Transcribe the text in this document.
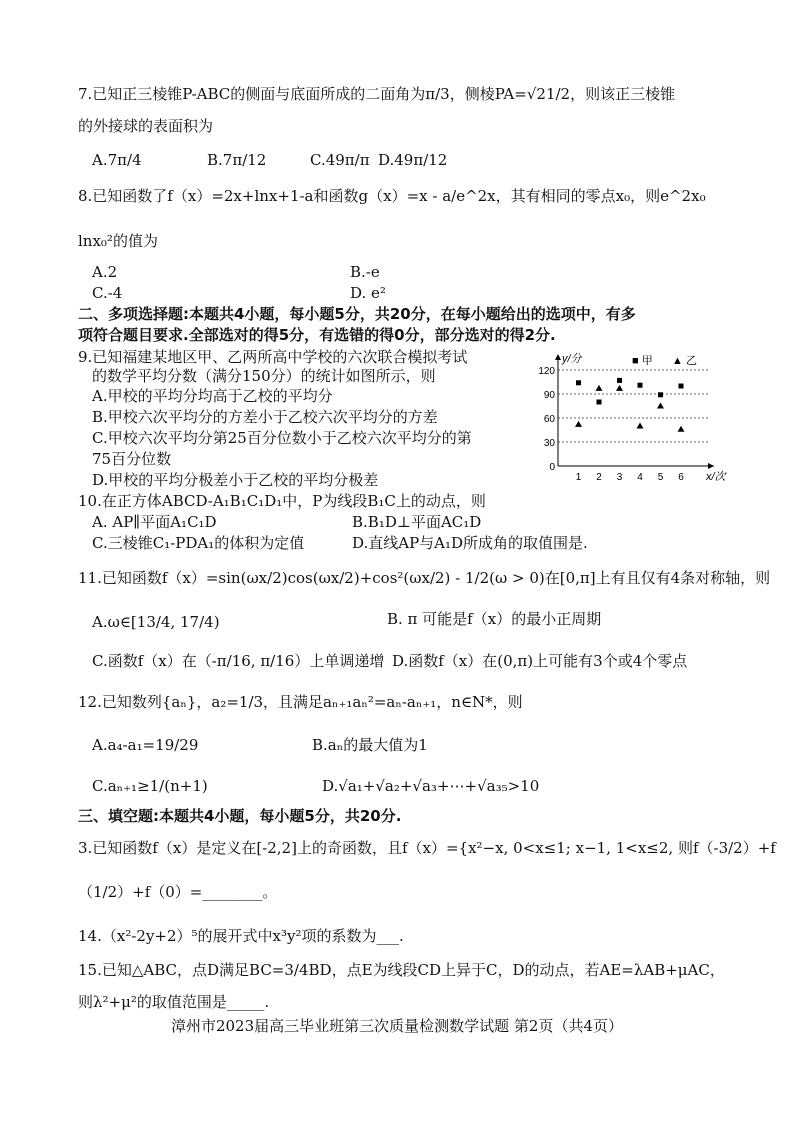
7.已知正三棱锥P-ABC的侧面与底面所成的二面角为π/3，侧棱PA=√21/2，则该正三棱锥
的外接球的表面积为
A.7π/4	B.7π/12	C.49π/π D.49π/12
8.已知函数了f（x）=2x+lnx+1-a和函数g（x）=x - a/e^2x，其有相同的零点x₀，则e^2x₀
lnx₀²的值为
A.2	B.-e
C.-4	D. e²
二、多项选择题:本题共4小题，每小题5分，共20分，在每小题给出的选项中，有多
项符合题目要求.全部选对的得5分，有选错的得0分，部分选对的得2分.
9.已知福建某地区甲、乙两所高中学校的六次联合模拟考试
的数学平均分数（满分150分）的统计如图所示，则
A.甲校的平均分均高于乙校的平均分
B.甲校六次平均分的方差小于乙校六次平均分的方差
C.甲校六次平均分第25百分位数小于乙校六次平均分的第
75百分位数
D.甲校的平均分极差小于乙校的平均分极差
0
30
60
90
120
1 2 3 4 5 6
y/分
x/次
■ 甲 ▲ 乙
10.在正方体ABCD-A₁B₁C₁D₁中，P为线段B₁C上的动点，则
A. AP∥平面A₁C₁D	B.B₁D⊥平面AC₁D
C.三棱锥C₁-PDA₁的体积为定值	D.直线AP与A₁D所成角的取值围是.
11.已知函数f（x）=sin(ωx/2)cos(ωx/2)+cos²(ωx/2) - 1/2(ω > 0)在[0,π]上有且仅有4条对称轴，则
A.ω∈[13/4, 17/4)	B. π 可能是f（x）的最小正周期
C.函数f（x）在（-π/16, π/16）上单调递增 D.函数f（x）在(0,π)上可能有3个或4个零点
12.已知数列{aₙ}，a₂=1/3，且满足aₙ₊₁aₙ²=aₙ-aₙ₊₁，n∈N*，则
A.a₄-a₁=19/29	B.aₙ的最大值为1
C.aₙ₊₁≥1/(n+1)	D.√a₁+√a₂+√a₃+⋯+√a₃₅>10
三、填空题:本题共4小题，每小题5分，共20分.
3.已知函数f（x）是定义在[-2,2]上的奇函数，且f（x）={x²−x, 0<x≤1; x−1, 1<x≤2, 则f（-3/2）+f
（1/2）+f（0）=________。
14.（x²-2y+2）⁵的展开式中x³y²项的系数为___.
15.已知△ABC，点D满足BC=3/4BD，点E为线段CD上异于C，D的动点，若AE=λAB+μAC，
则λ²+μ²的取值范围是_____.
漳州市2023届高三毕业班第三次质量检测数学试题 第2页（共4页）
